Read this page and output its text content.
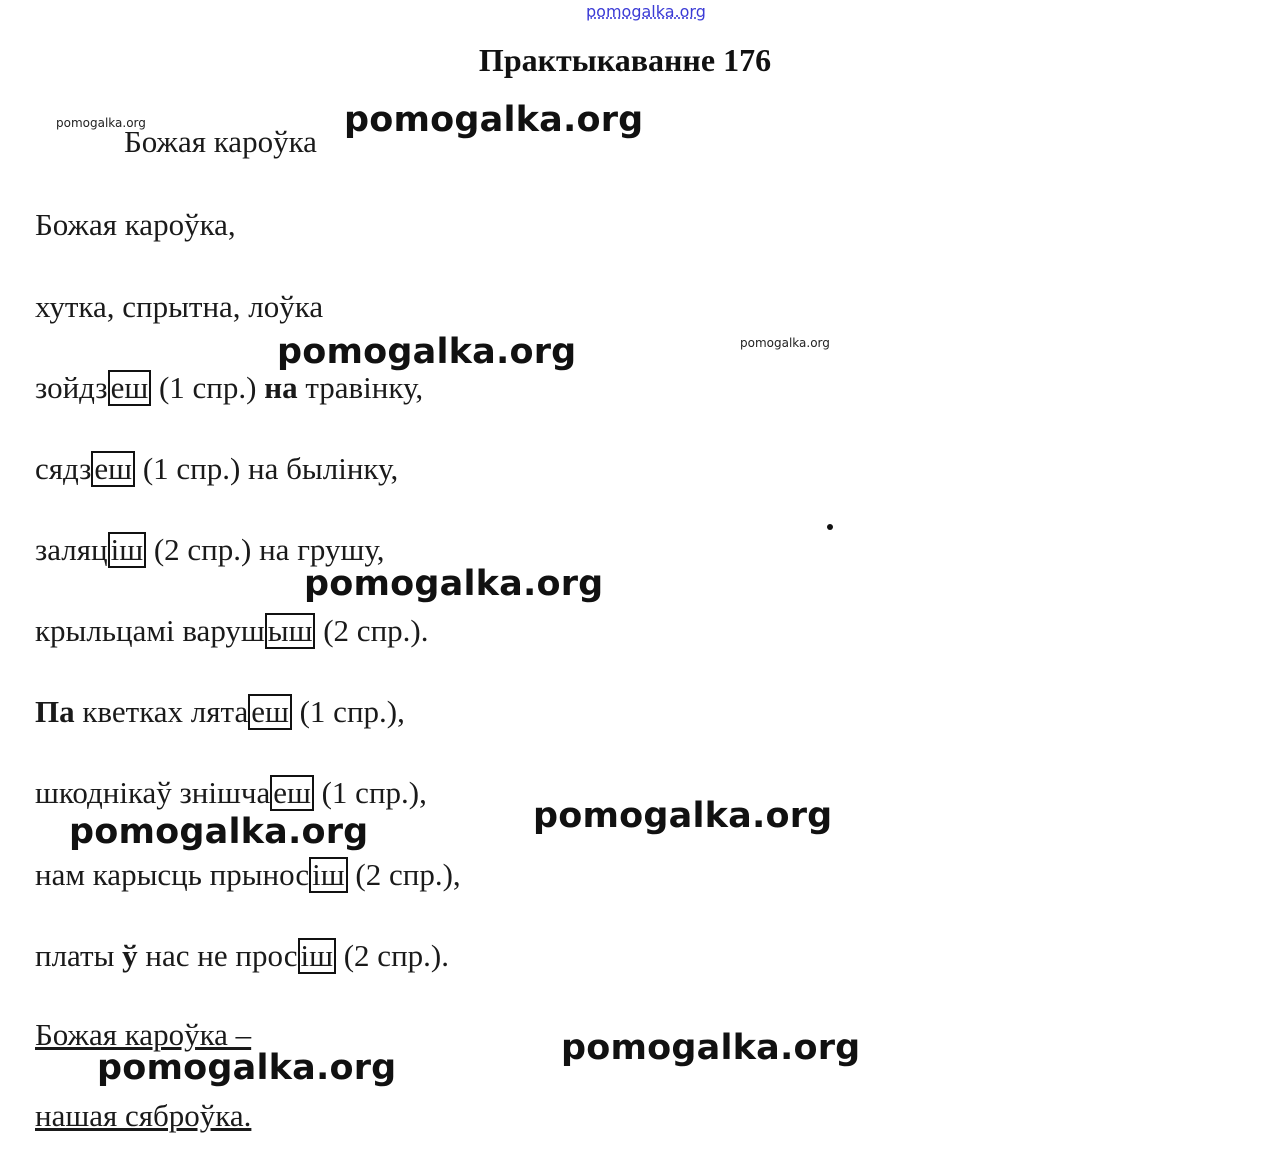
pomogalka.org
pomogalka.org
pomogalka.org
Практыкаванне 176
Божая кароўка
Божая кароўка,
хутка, спрытна, лоўка
зойдзеш (1 спр.) на травінку,
сядзеш (1 спр.) на былінку,
заляціш (2 спр.) на грушу,
крыльцамі варушыш (2 спр.).
Па кветках лятаеш (1 спр.),
шкоднікаў знішчаеш (1 спр.),
нам карысць прыносіш (2 спр.),
платы ў нас не просіш (2 спр.).
Божая кароўка –
нашая сяброўка.
pomogalka.org
pomogalka.org
pomogalka.org
pomogalka.org
pomogalka.org
pomogalka.org
pomogalka.org
